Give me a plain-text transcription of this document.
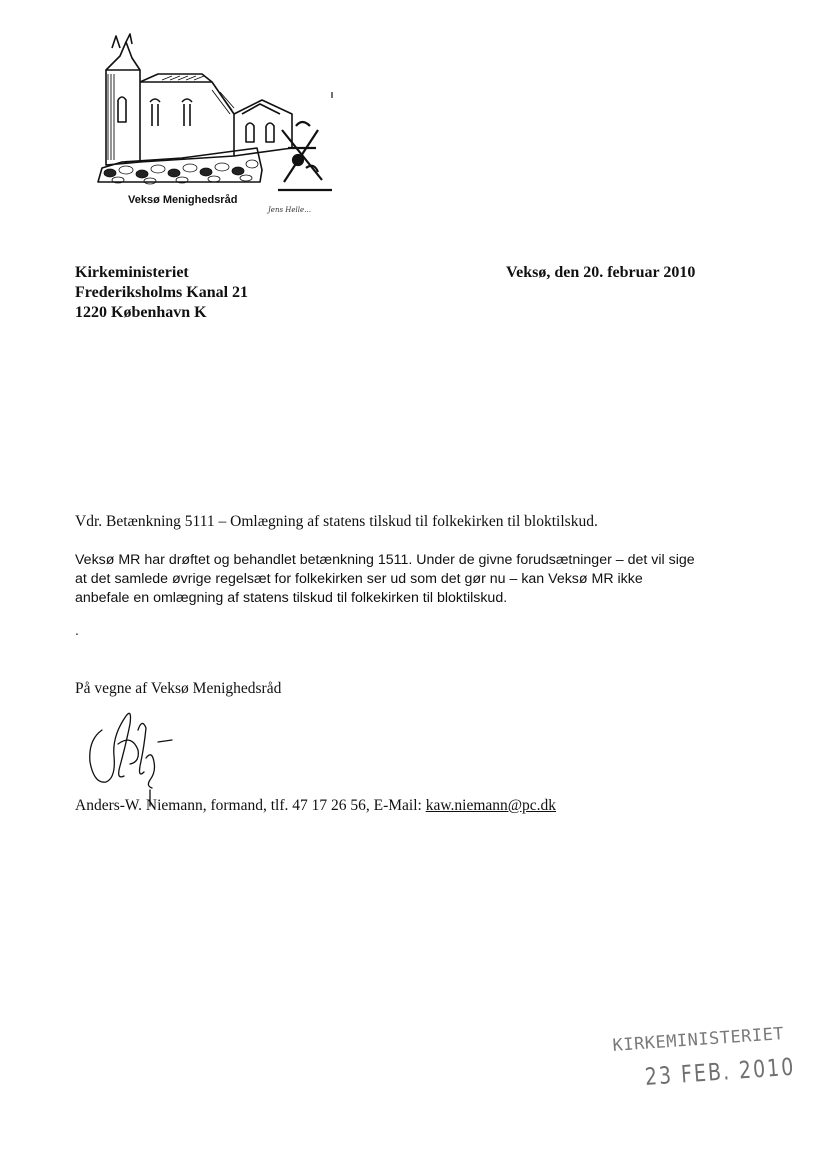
Veksø Menighedsråd
Jens Helle…
Kirkeministeriet
Frederiksholms Kanal 21
1220 København K
Veksø, den 20. februar 2010
Vdr. Betænkning 5111 – Omlægning af statens tilskud til folkekirken til bloktilskud.
Veksø MR har drøftet og behandlet betænkning 1511. Under de givne forudsætninger – det vil sige
at det samlede øvrige regelsæt for folkekirken ser ud som det gør nu – kan Veksø MR ikke
anbefale en omlægning af statens tilskud til folkekirken til bloktilskud.
.
På vegne af Veksø Menighedsråd
Anders-W. Niemann, formand, tlf. 47 17 26 56, E-Mail: kaw.niemann@pc.dk
KIRKEMINISTERIET
23 FEB. 2010
